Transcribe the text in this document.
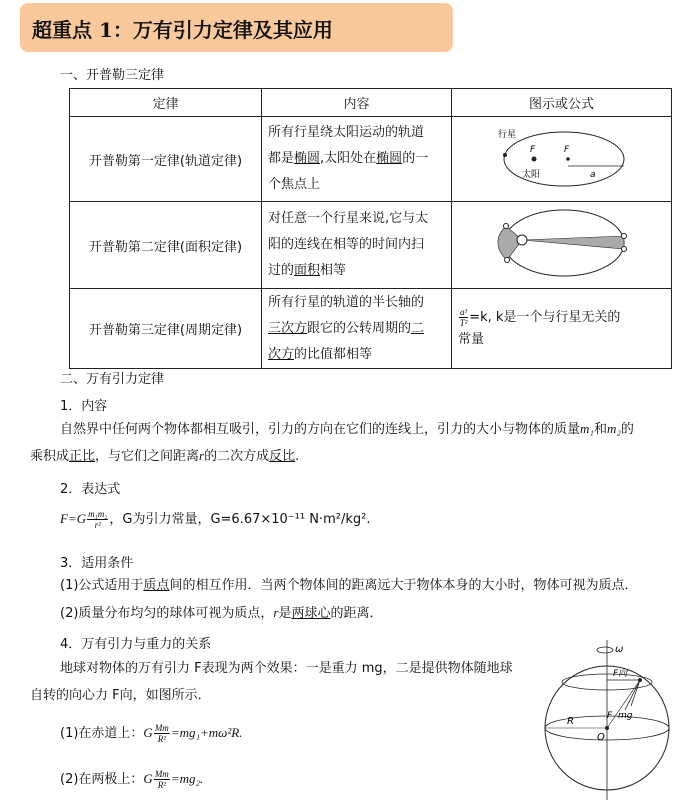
超重点 1：万有引力定律及其应用
一、开普勒三定律
定律	内容	图示或公式
开普勒第一定律(轨道定律)	所有行星绕太阳运动的轨道
都是椭圆,太阳处在椭圆的一
个焦点上	行星
F F
太阳 a

开普勒第二定律(面积定律)	对任意一个行星来说,它与太
阳的连线在相等的时间内扫
过的面积相等	
开普勒第三定律(周期定律)	所有行星的轨道的半长轴的
三次方跟它的公转周期的二
次方的比值都相等	$\frac{\text{a³}}{\text{T²}} =k$, k是一个与行星无关的
常量
二、万有引力定律
1．内容
自然界中任何两个物体都相互吸引，引力的方向在它们的连线上，引力的大小与物体的质量m₁和m₂的
乘积成正比，与它们之间距离r的二次方成反比.
2．表达式
$F=G \frac{\text{m₁m₂}}{\text{r²}}$ ，G为引力常量，G=6.67×10⁻¹¹ N·m²/kg².
3．适用条件
(1)公式适用于质点间的相互作用．当两个物体间的距离远大于物体本身的大小时，物体可视为质点．
(2)质量分布均匀的球体可视为质点，r是两球心的距离．
4．万有引力与重力的关系
地球对物体的万有引力 F表现为两个效果：一是重力 mg，二是提供物体随地球
自转的向心力 F向，如图所示．
(1)在赤道上：G $\frac{Mm}{\text{R²}} =mg_1+m\omega^2R$.
(2)在两极上：G $\frac{Mm}{\text{R²}} =mg_2$.
ω
F向
F mg
R
O
